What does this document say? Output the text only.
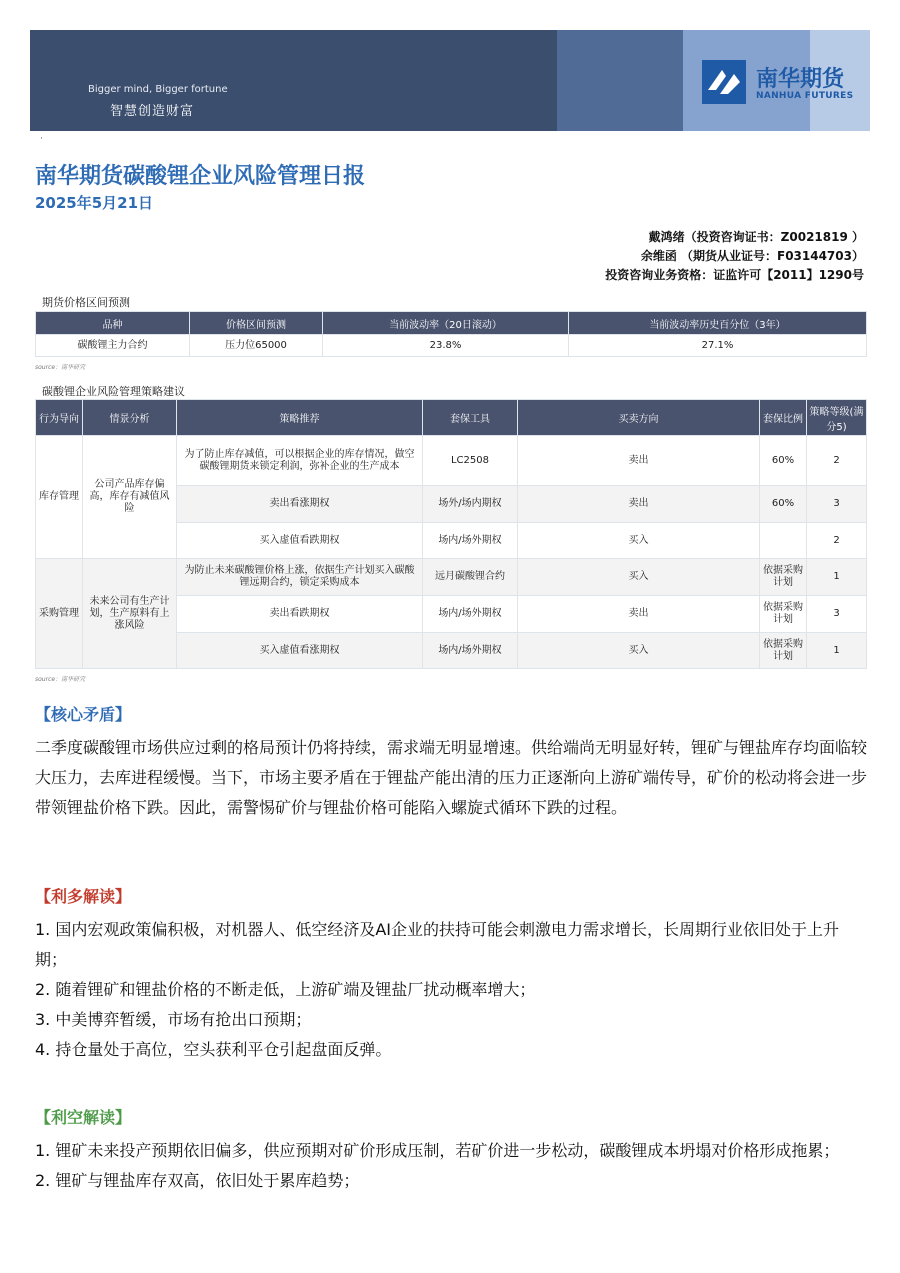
Bigger mind, Bigger fortune
智慧创造财富
南华期货
NANHUA FUTURES
·
南华期货碳酸锂企业风险管理日报
2025年5月21日
戴鸿绪（投资咨询证书：Z0021819 ）
余维函 （期货从业证号：F03144703）
投资咨询业务资格：证监许可【2011】1290号
期货价格区间预测
品种	价格区间预测	当前波动率（20日滚动）	当前波动率历史百分位（3年）
碳酸锂主力合约	压力位65000	23.8%	27.1%
source：南华研究
碳酸锂企业风险管理策略建议
行为导向	情景分析	策略推荐	套保工具	买卖方向	套保比例	策略等级(满分5)
库存管理	公司产品库存偏高，库存有减值风险	为了防止库存减值，可以根据企业的库存情况，做空碳酸锂期货来锁定利润，弥补企业的生产成本	LC2508	卖出	60%	2
		卖出看涨期权	场外/场内期权	卖出	60%	3
		买入虚值看跌期权	场内/场外期权	买入		2
采购管理	未来公司有生产计划，生产原料有上涨风险	为防止未来碳酸锂价格上涨，依据生产计划买入碳酸锂远期合约，锁定采购成本	远月碳酸锂合约	买入	依据采购计划	1
		卖出看跌期权	场内/场外期权	卖出	依据采购计划	3
		买入虚值看涨期权	场内/场外期权	买入	依据采购计划	1
source：南华研究
【核心矛盾】
二季度碳酸锂市场供应过剩的格局预计仍将持续，需求端无明显增速。供给端尚无明显好转，锂矿与锂盐库存均面临较大压力，去库进程缓慢。当下，市场主要矛盾在于锂盐产能出清的压力正逐渐向上游矿端传导，矿价的松动将会进一步带领锂盐价格下跌。因此，需警惕矿价与锂盐价格可能陷入螺旋式循环下跌的过程。
【利多解读】
1. 国内宏观政策偏积极，对机器人、低空经济及AI企业的扶持可能会刺激电力需求增长，长周期行业依旧处于上升期；
2. 随着锂矿和锂盐价格的不断走低，上游矿端及锂盐厂扰动概率增大；
3. 中美博弈暂缓，市场有抢出口预期；
4. 持仓量处于高位，空头获利平仓引起盘面反弹。
【利空解读】
1. 锂矿未来投产预期依旧偏多，供应预期对矿价形成压制，若矿价进一步松动，碳酸锂成本坍塌对价格形成拖累；
2. 锂矿与锂盐库存双高，依旧处于累库趋势；
